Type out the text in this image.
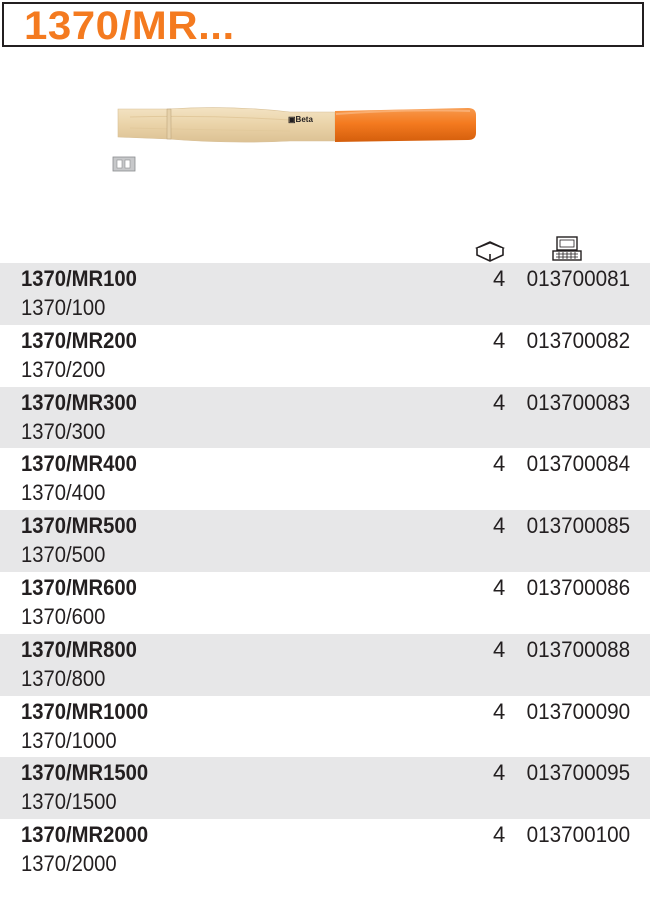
1370/MR...
▣Beta
1370/MR100
1370/100
4 013700081
1370/MR200
1370/200
4 013700082
1370/MR300
1370/300
4 013700083
1370/MR400
1370/400
4 013700084
1370/MR500
1370/500
4 013700085
1370/MR600
1370/600
4 013700086
1370/MR800
1370/800
4 013700088
1370/MR1000
1370/1000
4 013700090
1370/MR1500
1370/1500
4 013700095
1370/MR2000
1370/2000
4 013700100
